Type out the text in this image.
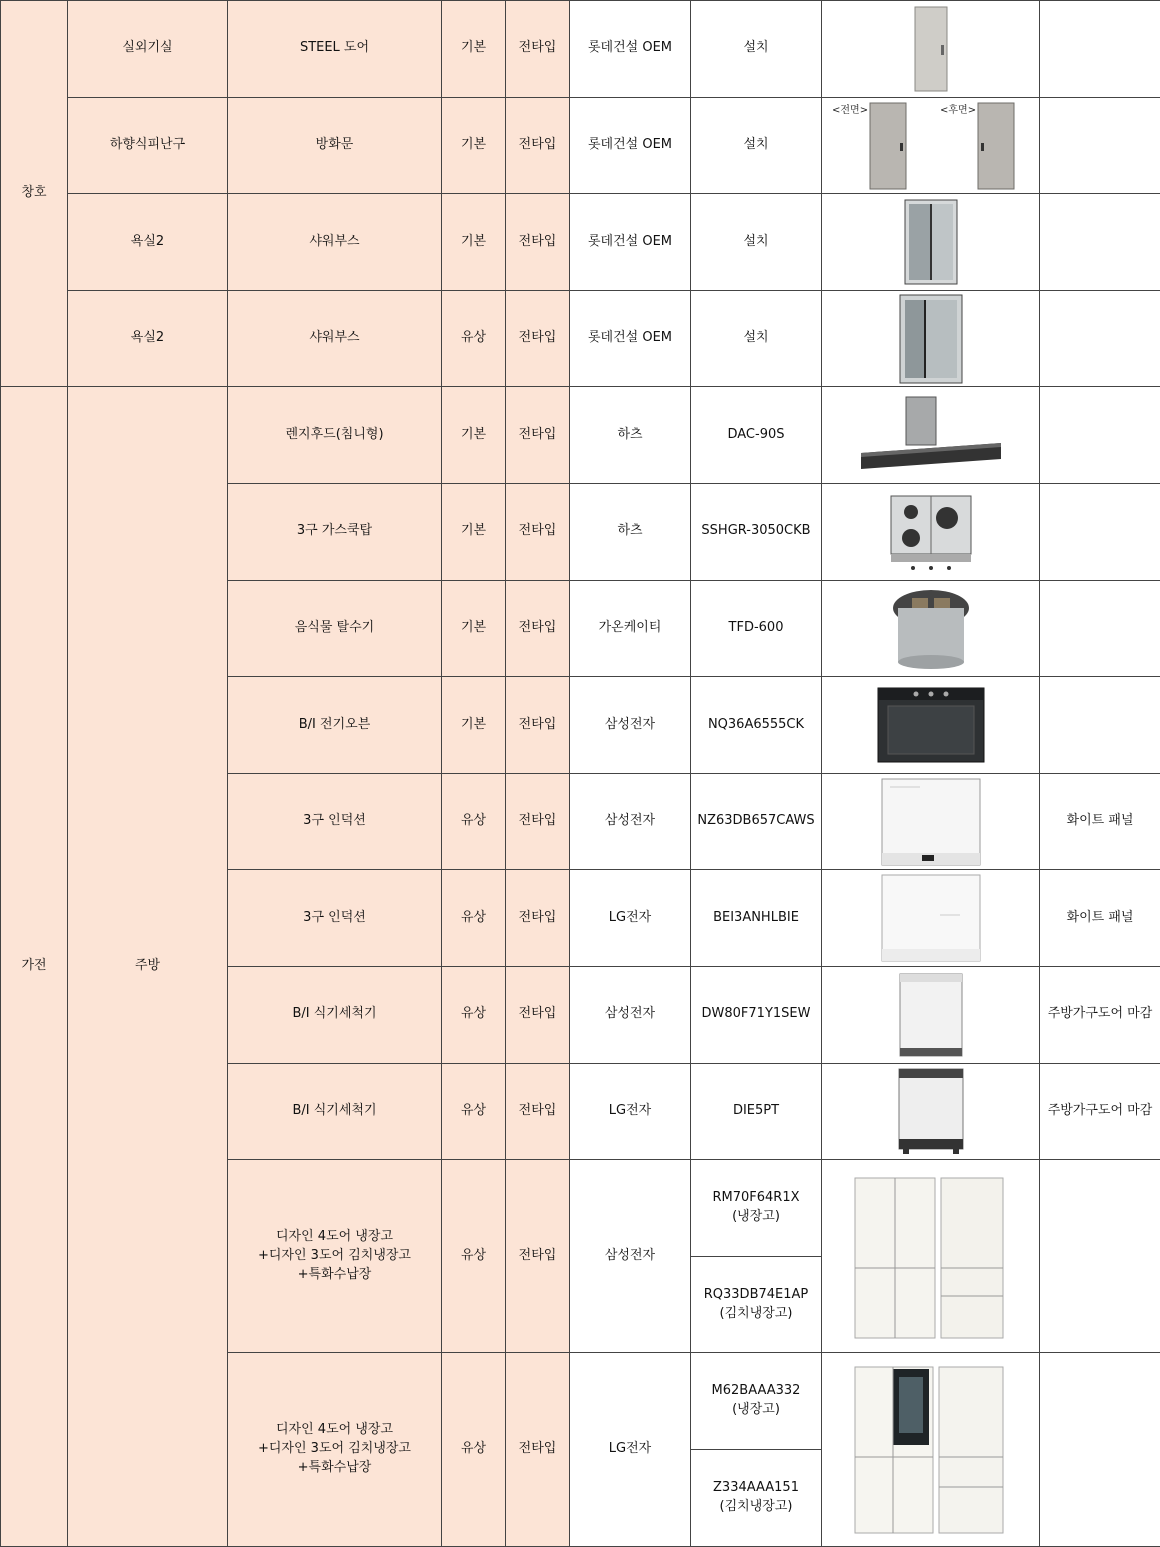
창호	실외기실	STEEL 도어	기본	전타입	롯데건설 OEM	설치	

	하향식피난구	방화문	기본	전타입	롯데건설 OEM	설치	<전면> <후면>	

	욕실2	샤워부스	기본	전타입	롯데건설 OEM	설치	

	욕실2	샤워부스	유상	전타입	롯데건설 OEM	설치	

가전	주방	렌지후드(침니형)	기본	전타입	하츠	DAC-90S	

		3구 가스쿡탑	기본	전타입	하츠	SSHGR-3050CKB	

		음식물 탈수기	기본	전타입	가온케이티	TFD-600	

		B/I 전기오븐	기본	전타입	삼성전자	NQ36A6555CK	

		3구 인덕션	유상	전타입	삼성전자	NZ63DB657CAWS		화이트 패널
		3구 인덕션	유상	전타입	LG전자	BEI3ANHLBIE		화이트 패널
		B/I 식기세척기	유상	전타입	삼성전자	DW80F71Y1SEW		주방가구도어 마감
		B/I 식기세척기	유상	전타입	LG전자	DIE5PT		주방가구도어 마감

		디자인 4도어 냉장고
+디자인 3도어 김치냉장고
+특화수납장	유상	전타입	삼성전자	RM70F64R1X
(냉장고)

						RQ33DB74E1AP
(김치냉장고)		

		디자인 4도어 냉장고
+디자인 3도어 김치냉장고
+특화수납장	유상	전타입	LG전자	M62BAAA332
(냉장고)

						Z334AAA151
(김치냉장고)		
